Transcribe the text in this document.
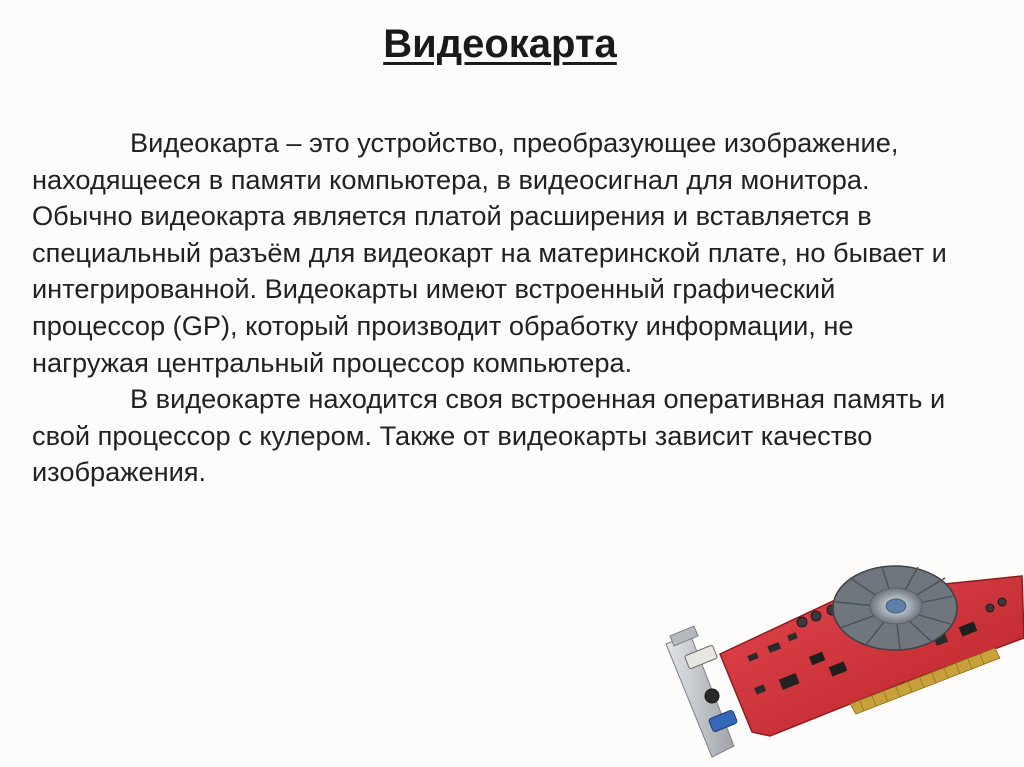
Видеокарта

Видеокарта – это устройство, преобразующее изображение, находящееся в памяти компьютера, в видеосигнал для монитора. Обычно видеокарта является платой расширения и вставляется в специальный разъём для видеокарт на материнской плате, но бывает и интегрированной. Видеокарты имеют встроенный графический процессор (GP), который производит обработку информации, не нагружая центральный процессор компьютера.

В видеокарте находится своя встроенная оперативная память и свой процессор с кулером. Также от видеокарты зависит качество изображения.
